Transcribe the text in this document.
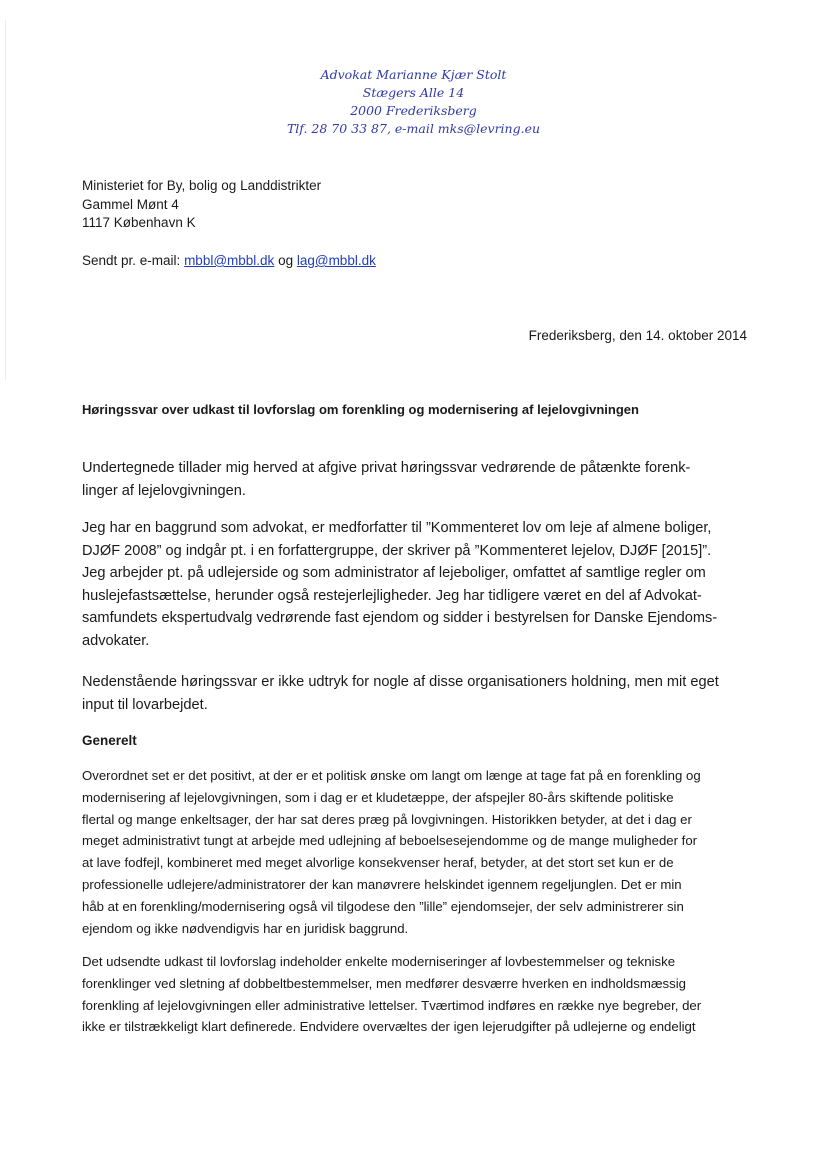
Advokat Marianne Kjær Stolt
Stægers Alle 14
2000 Frederiksberg
Tlf. 28 70 33 87, e-mail mks@levring.eu
Ministeriet for By, bolig og Landdistrikter
Gammel Mønt 4
1117 København K
Sendt pr. e-mail: mbbl@mbbl.dk og lag@mbbl.dk
Frederiksberg, den 14. oktober 2014
Høringssvar over udkast til lovforslag om forenkling og modernisering af lejelovgivningen

Undertegnede tillader mig herved at afgive privat høringssvar vedrørende de påtænkte forenk-

linger af lejelovgivningen.

Jeg har en baggrund som advokat, er medforfatter til ”Kommenteret lov om leje af almene boliger,

DJØF 2008” og indgår pt. i en forfattergruppe, der skriver på ”Kommenteret lejelov, DJØF [2015]”.

Jeg arbejder pt. på udlejerside og som administrator af lejeboliger, omfattet af samtlige regler om

huslejefastsættelse, herunder også restejerlejligheder. Jeg har tidligere været en del af Advokat-

samfundets ekspertudvalg vedrørende fast ejendom og sidder i bestyrelsen for Danske Ejendoms-

advokater.

Nedenstående høringssvar er ikke udtryk for nogle af disse organisationers holdning, men mit eget

input til lovarbejdet.

Generelt

Overordnet set er det positivt, at der er et politisk ønske om langt om længe at tage fat på en forenkling og

modernisering af lejelovgivningen, som i dag er et kludetæppe, der afspejler 80-års skiftende politiske

flertal og mange enkeltsager, der har sat deres præg på lovgivningen. Historikken betyder, at det i dag er

meget administrativt tungt at arbejde med udlejning af beboelsesejendomme og de mange muligheder for

at lave fodfejl, kombineret med meget alvorlige konsekvenser heraf, betyder, at det stort set kun er de

professionelle udlejere/administratorer der kan manøvrere helskindet igennem regeljunglen. Det er min

håb at en forenkling/modernisering også vil tilgodese den ”lille” ejendomsejer, der selv administrerer sin

ejendom og ikke nødvendigvis har en juridisk baggrund.

Det udsendte udkast til lovforslag indeholder enkelte moderniseringer af lovbestemmelser og tekniske

forenklinger ved sletning af dobbeltbestemmelser, men medfører desværre hverken en indholdsmæssig

forenkling af lejelovgivningen eller administrative lettelser. Tværtimod indføres en række nye begreber, der

ikke er tilstrækkeligt klart definerede. Endvidere overvæltes der igen lejerudgifter på udlejerne og endeligt
